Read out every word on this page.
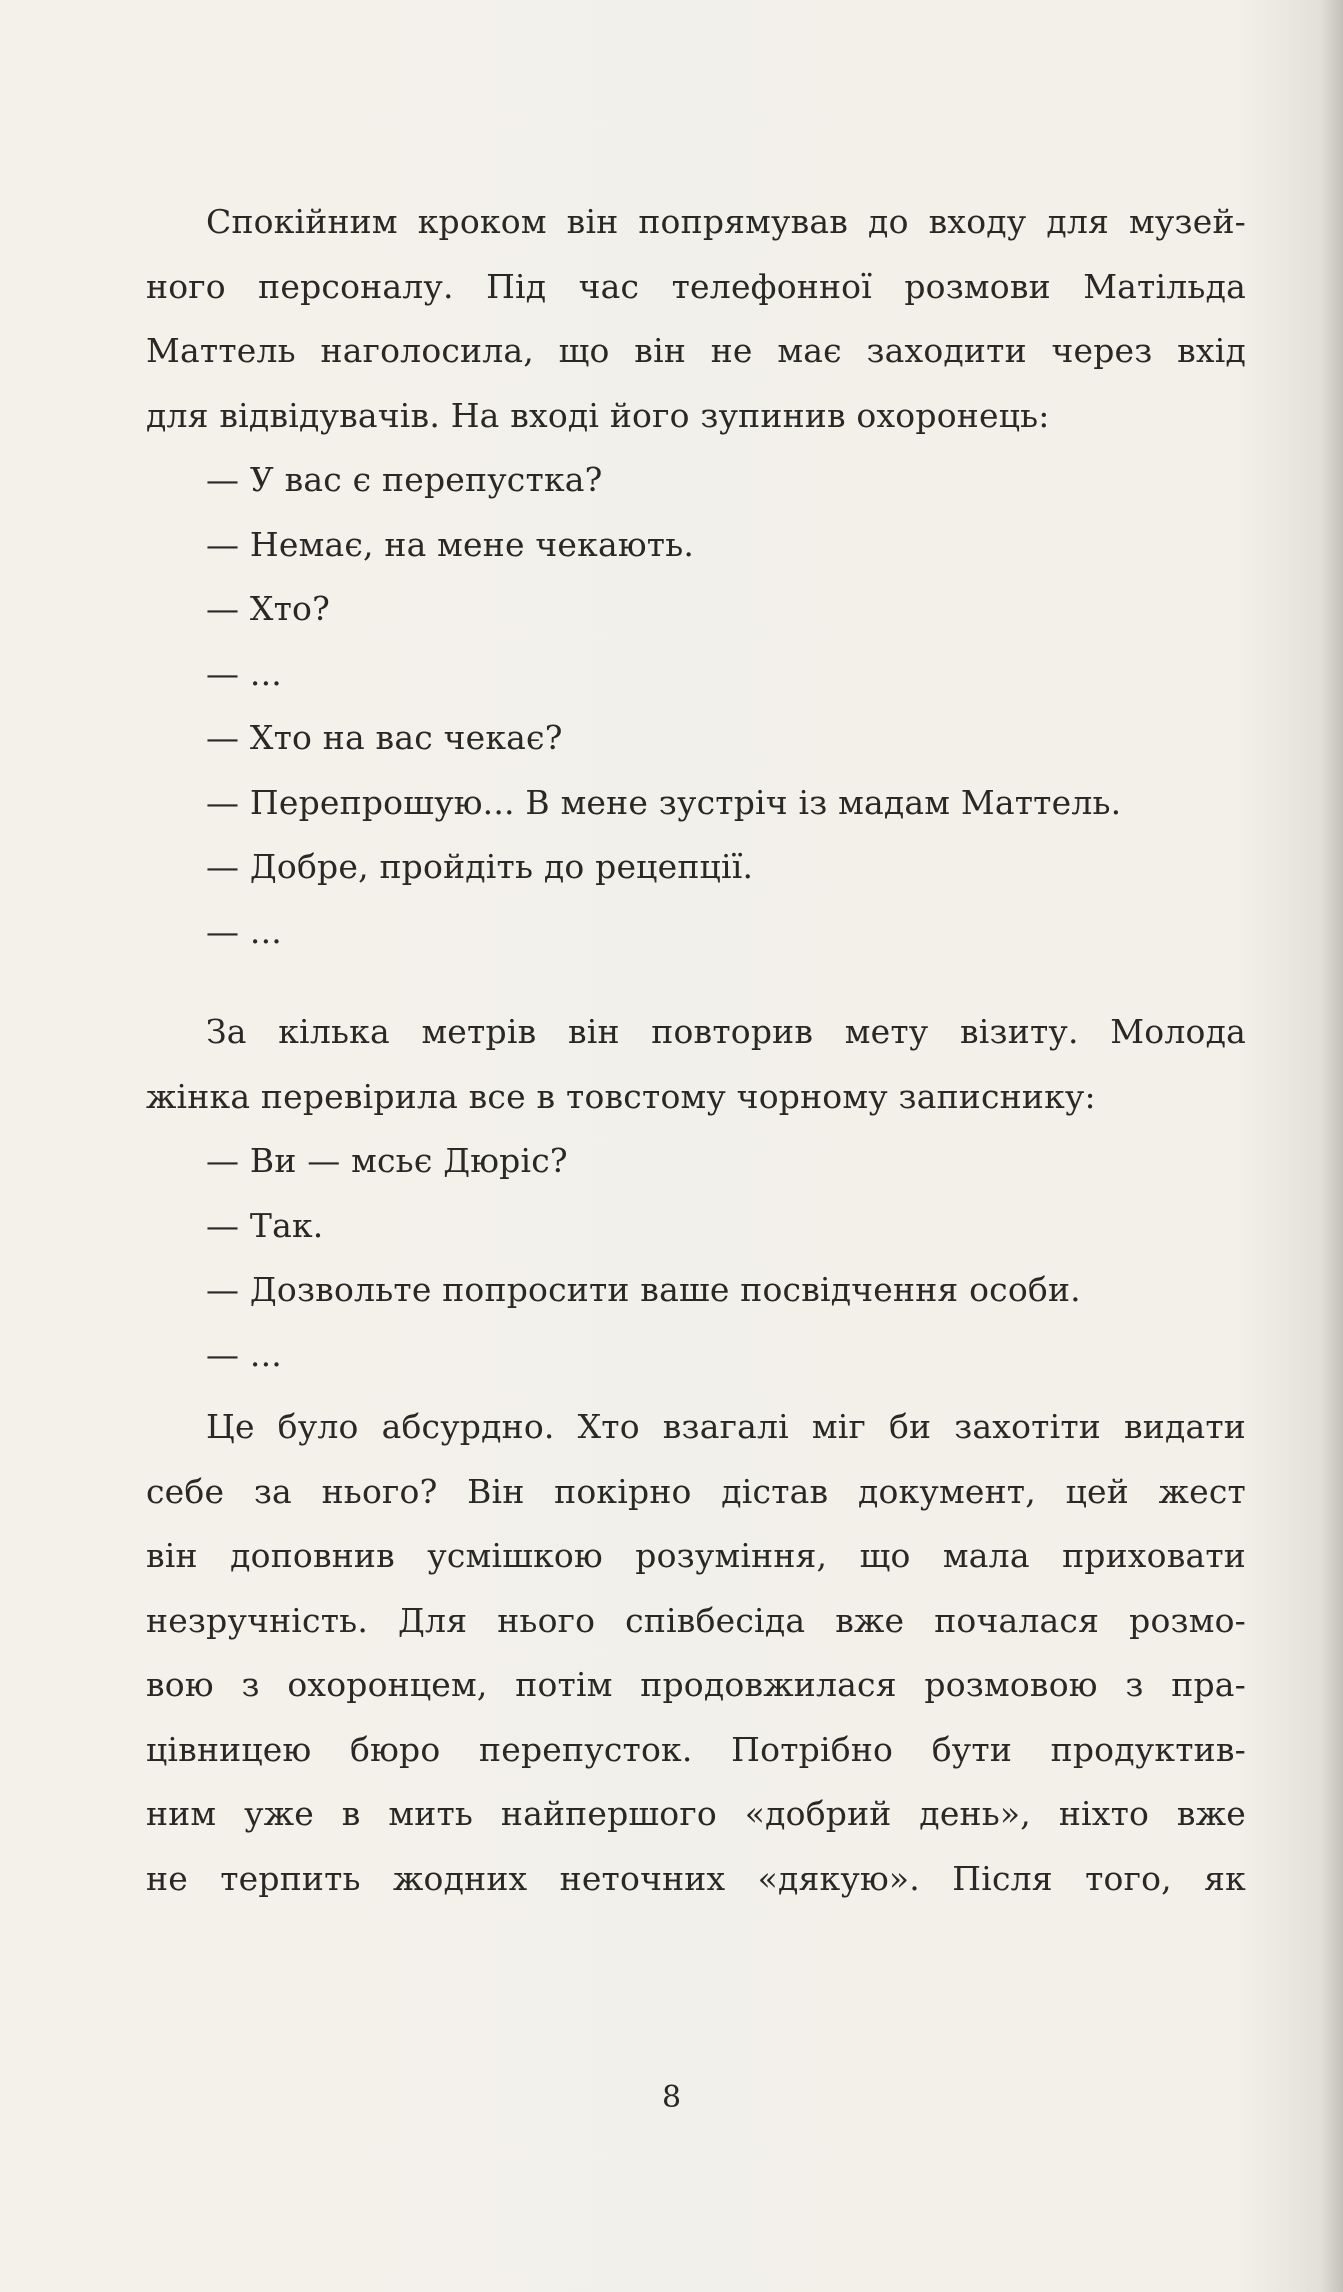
Спокійним кроком він попрямував до входу для музей-
ного персоналу. Під час телефонної розмови Матільда
Маттель наголосила, що він не має заходити через вхід
для відвідувачів. На вході його зупинив охоронець:
— У вас є перепустка?
— Немає, на мене чекають.
— Хто?
— ...
— Хто на вас чекає?
— Перепрошую... В мене зустріч із мадам Маттель.
— Добре, пройдіть до рецепції.
— ...
За кілька метрів він повторив мету візиту. Молода
жінка перевірила все в товстому чорному записнику:
— Ви — мсьє Дюріс?
— Так.
— Дозвольте попросити ваше посвідчення особи.
— ...
Це було абсурдно. Хто взагалі міг би захотіти видати
себе за нього? Він покірно дістав документ, цей жест
він доповнив усмішкою розуміння, що мала приховати
незручність. Для нього співбесіда вже почалася розмо-
вою з охоронцем, потім продовжилася розмовою з пра-
цівницею бюро перепусток. Потрібно бути продуктив-
ним уже в мить найпершого «добрий день», ніхто вже
не терпить жодних неточних «дякую». Після того, як
8
